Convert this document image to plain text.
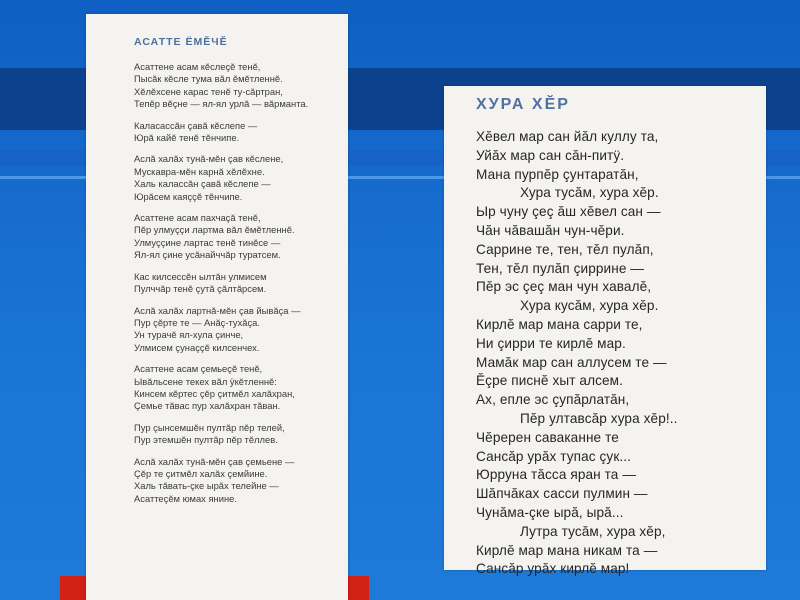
АСАТТЕ ЁМĔЧĔ
Асаттене асам кĕслеçĕ тенĕ,
Пысăк кĕсле тума вăл ĕмĕтленнĕ.
Хĕлĕхсене карас тенĕ ту-сăртран,
Тепĕр вĕçне — ял-ял урлă — вăрманта.
Каласассăн çавă кĕслепе —
Юрă кайĕ тенĕ тĕнчипе.
Аслă халăх тунă-мĕн çав кĕслене,
Мускаврa-мĕн карнă хĕлĕхне.
Халь калассăн çавă кĕслепе —
Юрăсем каяççĕ тĕнчипе.
Асаттене асам пахчаçă тенĕ,
Пĕр улмуççи лартма вăл ĕмĕтленнĕ.
Улмуççине лартас тенĕ тинĕсе —
Ял-ял çине усăнайччăр туратсем.
Кас килсессĕн ылтăн улмисем
Пулччăр тенĕ çутă çăлтăрсем.
Аслă халăх лартнă-мĕн çав йывăçа —
Пур çĕрте те — Анăç-тухăçа.
Ун турачĕ ял-хула çинче,
Улмисем çунаççĕ килсенчех.
Асаттене асам çемьеçĕ тенĕ,
Ывăльсене текех вăл ÿкĕтленнĕ:
Кинсем кĕртес çĕр çитмĕл халăхран,
Çемье тăвас пур халăхран тăван.
Пур çынсемшĕн пултăр пĕр телей,
Пур этемшĕн пултăр пĕр тĕллев.
Аслă халăх тунă-мĕн çав çемьене —
Çĕр те çитмĕл халăх çемйине.
Халь тăвать-çке ырăх телейне —
Асаттеçĕм юмах янине.
ХУРА ХĔР
Хĕвел мар сан йăл куллу та,
Уйăх мар сан сăн-питÿ.
Мана пурпĕр çунтаратăн,
Хура тусăм, хура хĕр.
Ыр чуну çеç ăш хĕвел сан —
Чăн чăвашăн чун-чĕри.
Саррине те, тен, тĕл пулăп,
Тен, тĕл пулăп çиррине —
Пĕр эс çеç ман чун хавалĕ,
Хура кусăм, хура хĕр.
Кирлĕ мар мана сарри те,
Ни çирри те кирлĕ мар.
Мамăк мар сан аллусем те —
Ĕçре писнĕ хыт алсем.
Ах, епле эс çупăрлатăн,
Пĕр ултавсăр хура хĕр!..
Чĕререн саваканне те
Сансăр урăх тупас çук...
Юрруна тăсса яран та —
Шăпчăках сасси пулмин —
Чунăма-çке ырă, ырă...
Лутра тусăм, хура хĕр,
Кирлĕ мар мана никам та —
Сансăр урăх кирлĕ мар!
